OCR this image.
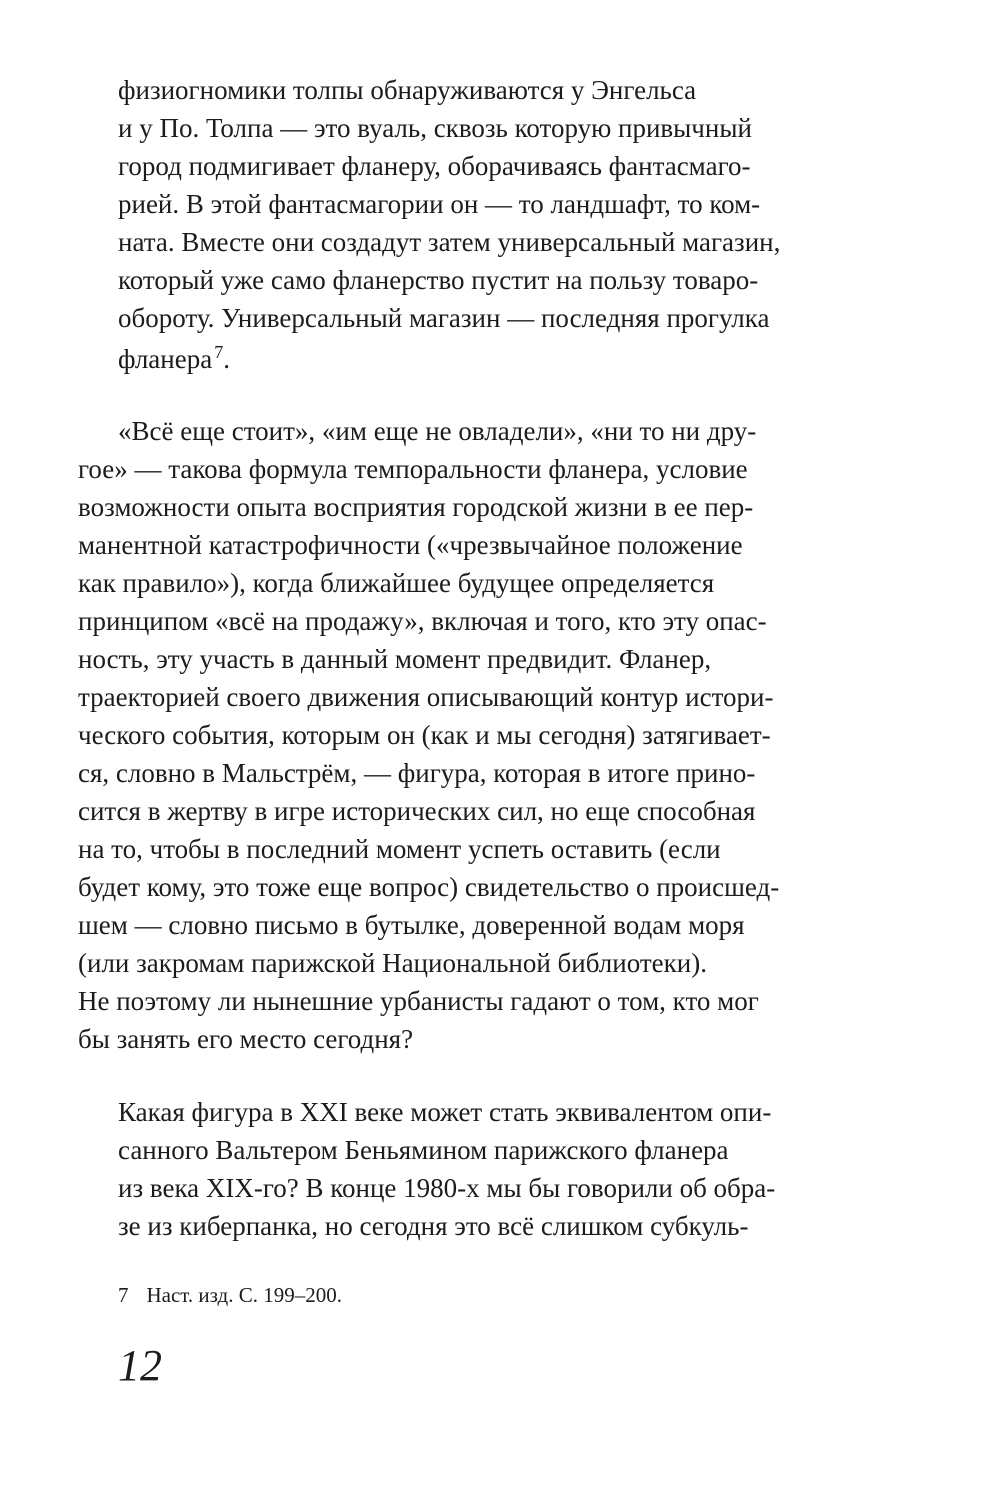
физиогномики толпы обнаруживаются у Энгельса
и у По. Толпа — это вуаль, сквозь которую привычный
город подмигивает фланеру, оборачиваясь фантасмаго-
рией. В этой фантасмагории он — то ландшафт, то ком-
ната. Вместе они создадут затем универсальный магазин,
который уже само фланерство пустит на пользу товаро-
обороту. Универсальный магазин — последняя прогулка
фланера $^7$.
«Всё еще стоит», «им еще не овладели», «ни то ни дру-
гое» — такова формула темпоральности фланера, условие
возможности опыта восприятия городской жизни в ее пер-
манентной катастрофичности («чрезвычайное положение
как правило»), когда ближайшее будущее определяется
принципом «всё на продажу», включая и того, кто эту опас-
ность, эту участь в данный момент предвидит. Фланер,
траекторией своего движения описывающий контур истори-
ческого события, которым он (как и мы сегодня) затягивает-
ся, словно в Мальстрём, — фигура, которая в итоге прино-
сится в жертву в игре исторических сил, но еще способная
на то, чтобы в последний момент успеть оставить (если
будет кому, это тоже еще вопрос) свидетельство о происшед-
шем — словно письмо в бутылке, доверенной водам моря
(или закромам парижской Национальной библиотеки).
Не поэтому ли нынешние урбанисты гадают о том, кто мог
бы занять его место сегодня?
Какая фигура в XXI веке может стать эквивалентом опи-
санного Вальтером Беньямином парижского фланера
из века XIX-го? В конце 1980-х мы бы говорили об обра-
зе из киберпанка, но сегодня это всё слишком субкуль-
7 Наст. изд. С. 199–200.
12
